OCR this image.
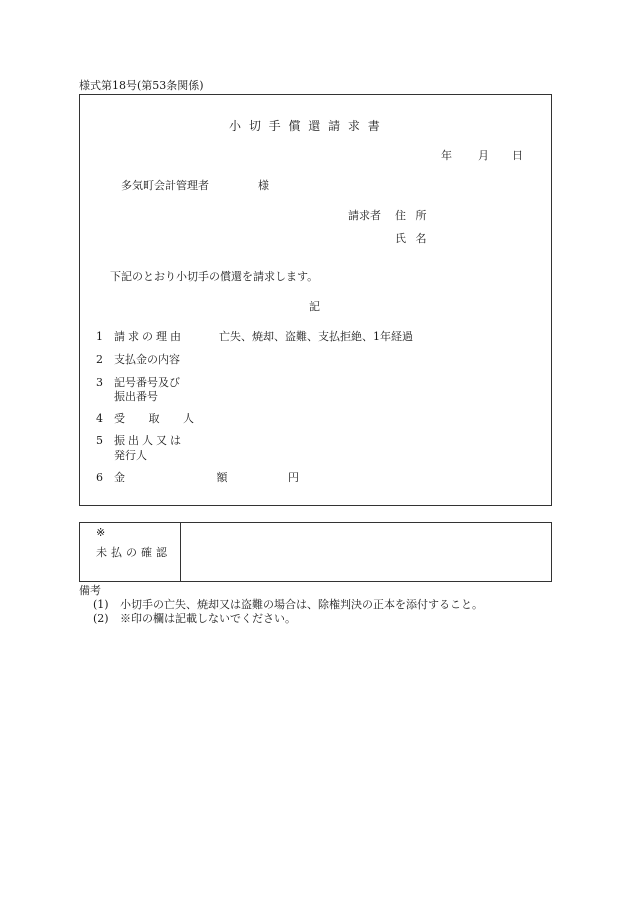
様式第18号(第53条関係)
小 切 手 償 還 請 求 書
年 月 日
多気町会計管理者	様
請求者 住 所
氏 名
下記のとおり小切手の償還を請求します。
記
1 請求の理由	亡失、焼却、盗難、支払拒絶、1年経過
2 支払金の内容
3 記号番号及び
振出番号
4 受 取 人
5 振出人又は
発行人
6 金 額 円
※
未払の確認
備考
(1) 小切手の亡失、焼却又は盗難の場合は、除権判決の正本を添付すること。
(2) ※印の欄は記載しないでください。
